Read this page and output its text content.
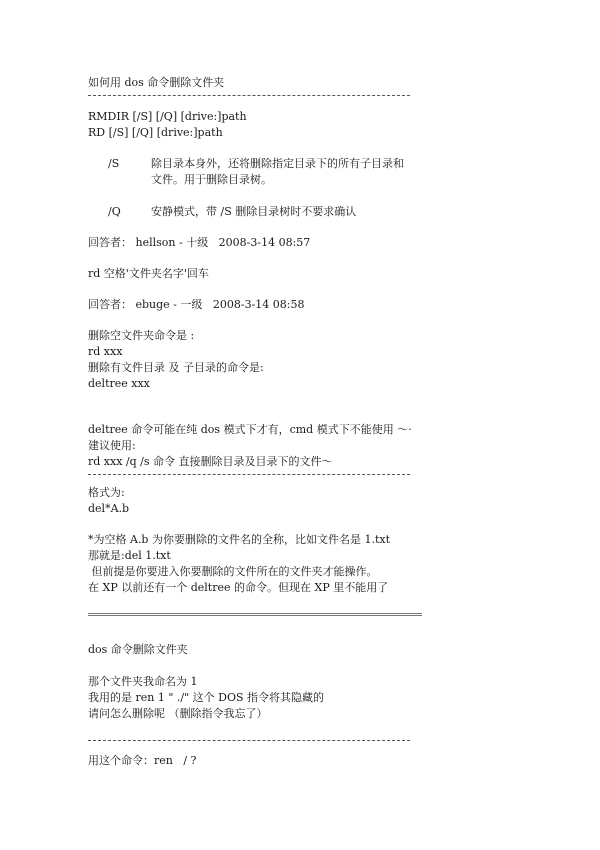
如何用 dos 命令删除文件夹
RMDIR [/S] [/Q] [drive:]path
RD [/S] [/Q] [drive:]path
/S	除目录本身外，还将删除指定目录下的所有子目录和
文件。用于删除目录树。
/Q	安静模式，带 /S 删除目录树时不要求确认
回答者： hellson - 十级   2008-3-14 08:57
rd 空格'文件夹名字'回车
回答者： ebuge - 一级   2008-3-14 08:58
删除空文件夹命令是 :
rd xxx
删除有文件目录 及 子目录的命令是:
deltree xxx
deltree 命令可能在纯 dos 模式下才有，cmd 模式下不能使用 ～·
建议使用:
rd xxx /q /s 命令 直接删除目录及目录下的文件～
格式为:
del*A.b
*为空格 A.b 为你要删除的文件名的全称，比如文件名是 1.txt
那就是:del 1.txt
但前提是你要进入你要删除的文件所在的文件夹才能操作。
在 XP 以前还有一个 deltree 的命令。但现在 XP 里不能用了
dos 命令删除文件夹
那个文件夹我命名为 1
我用的是 ren 1 " ./" 这个 DOS 指令将其隐藏的
请问怎么删除呢 （删除指令我忘了）
用这个命令：ren   / ?
